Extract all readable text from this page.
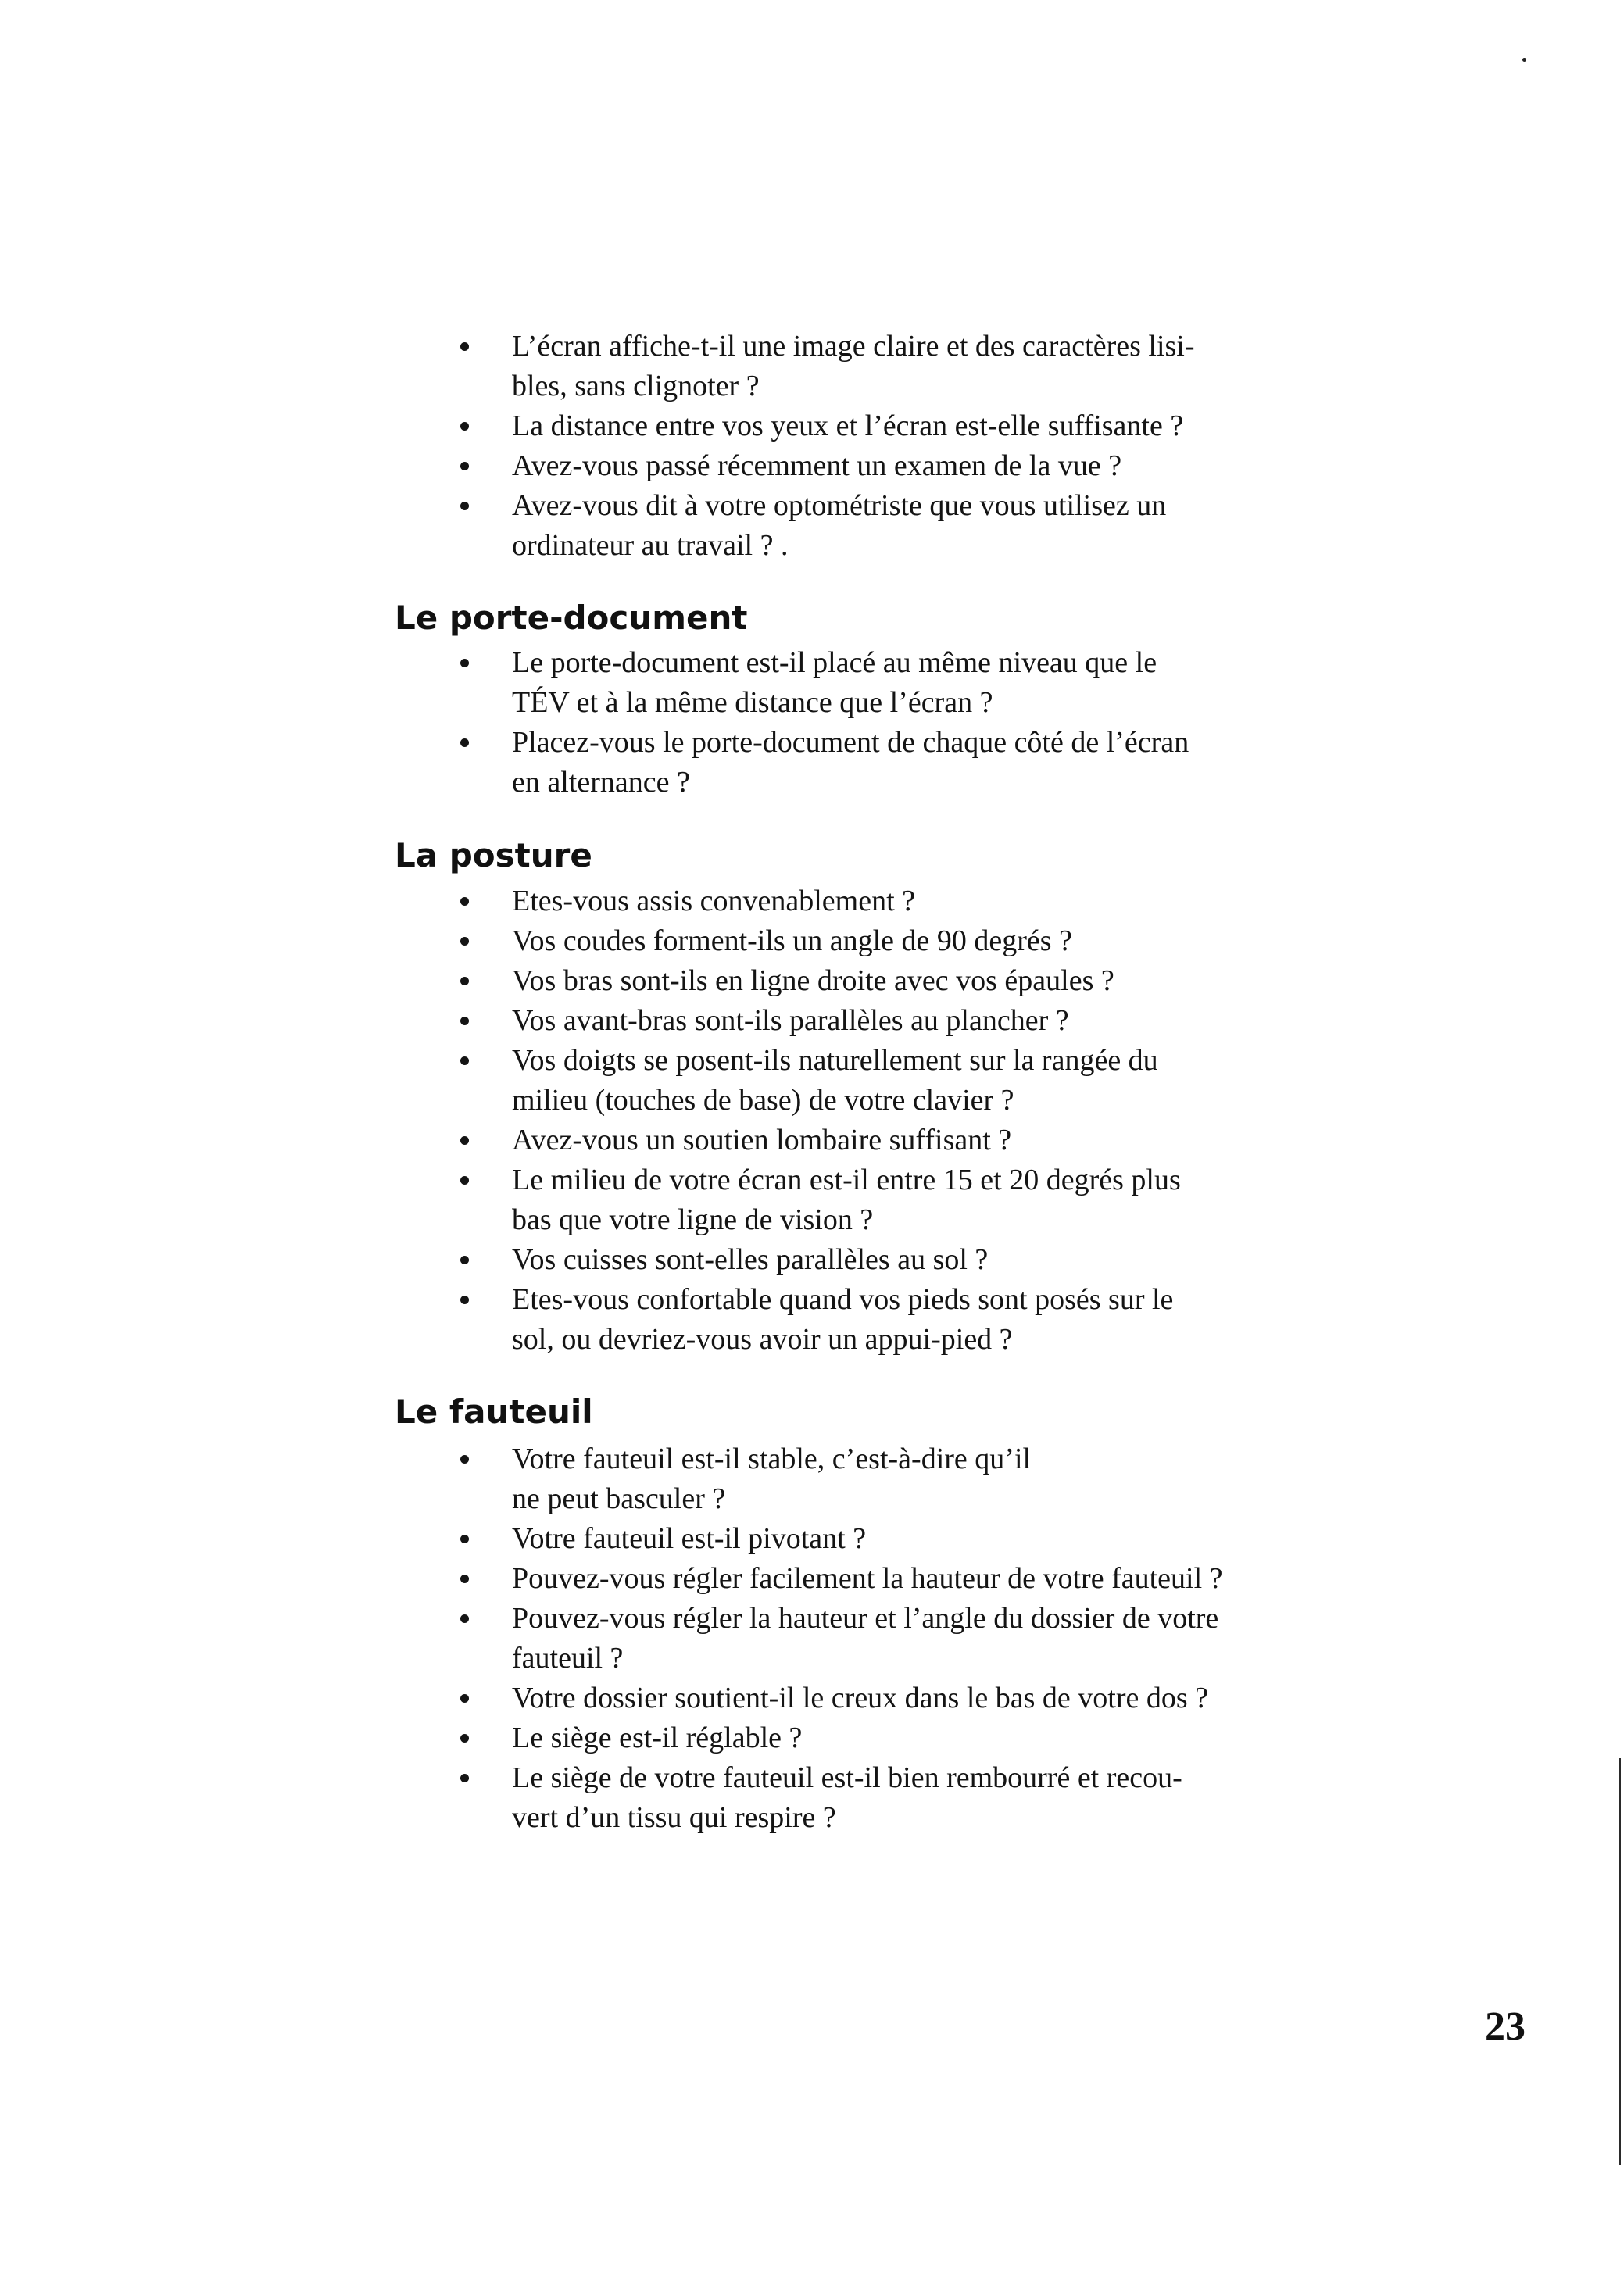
L’écran affiche-t-il une image claire et des caractères lisi-
bles, sans clignoter ?
La distance entre vos yeux et l’écran est-elle suffisante ?
Avez-vous passé récemment un examen de la vue ?
Avez-vous dit à votre optométriste que vous utilisez un
ordinateur au travail ? .
Le porte-document
Le porte-document est-il placé au même niveau que le
TÉV et à la même distance que l’écran ?
Placez-vous le porte-document de chaque côté de l’écran
en alternance ?
La posture
Etes-vous assis convenablement ?
Vos coudes forment-ils un angle de 90 degrés ?
Vos bras sont-ils en ligne droite avec vos épaules ?
Vos avant-bras sont-ils parallèles au plancher ?
Vos doigts se posent-ils naturellement sur la rangée du
milieu (touches de base) de votre clavier ?
Avez-vous un soutien lombaire suffisant ?
Le milieu de votre écran est-il entre 15 et 20 degrés plus
bas que votre ligne de vision ?
Vos cuisses sont-elles parallèles au sol ?
Etes-vous confortable quand vos pieds sont posés sur le
sol, ou devriez-vous avoir un appui-pied ?
Le fauteuil
Votre fauteuil est-il stable, c’est-à-dire qu’il
ne peut basculer ?
Votre fauteuil est-il pivotant ?
Pouvez-vous régler facilement la hauteur de votre fauteuil ?
Pouvez-vous régler la hauteur et l’angle du dossier de votre
fauteuil ?
Votre dossier soutient-il le creux dans le bas de votre dos ?
Le siège est-il réglable ?
Le siège de votre fauteuil est-il bien rembourré et recou-
vert d’un tissu qui respire ?
23
